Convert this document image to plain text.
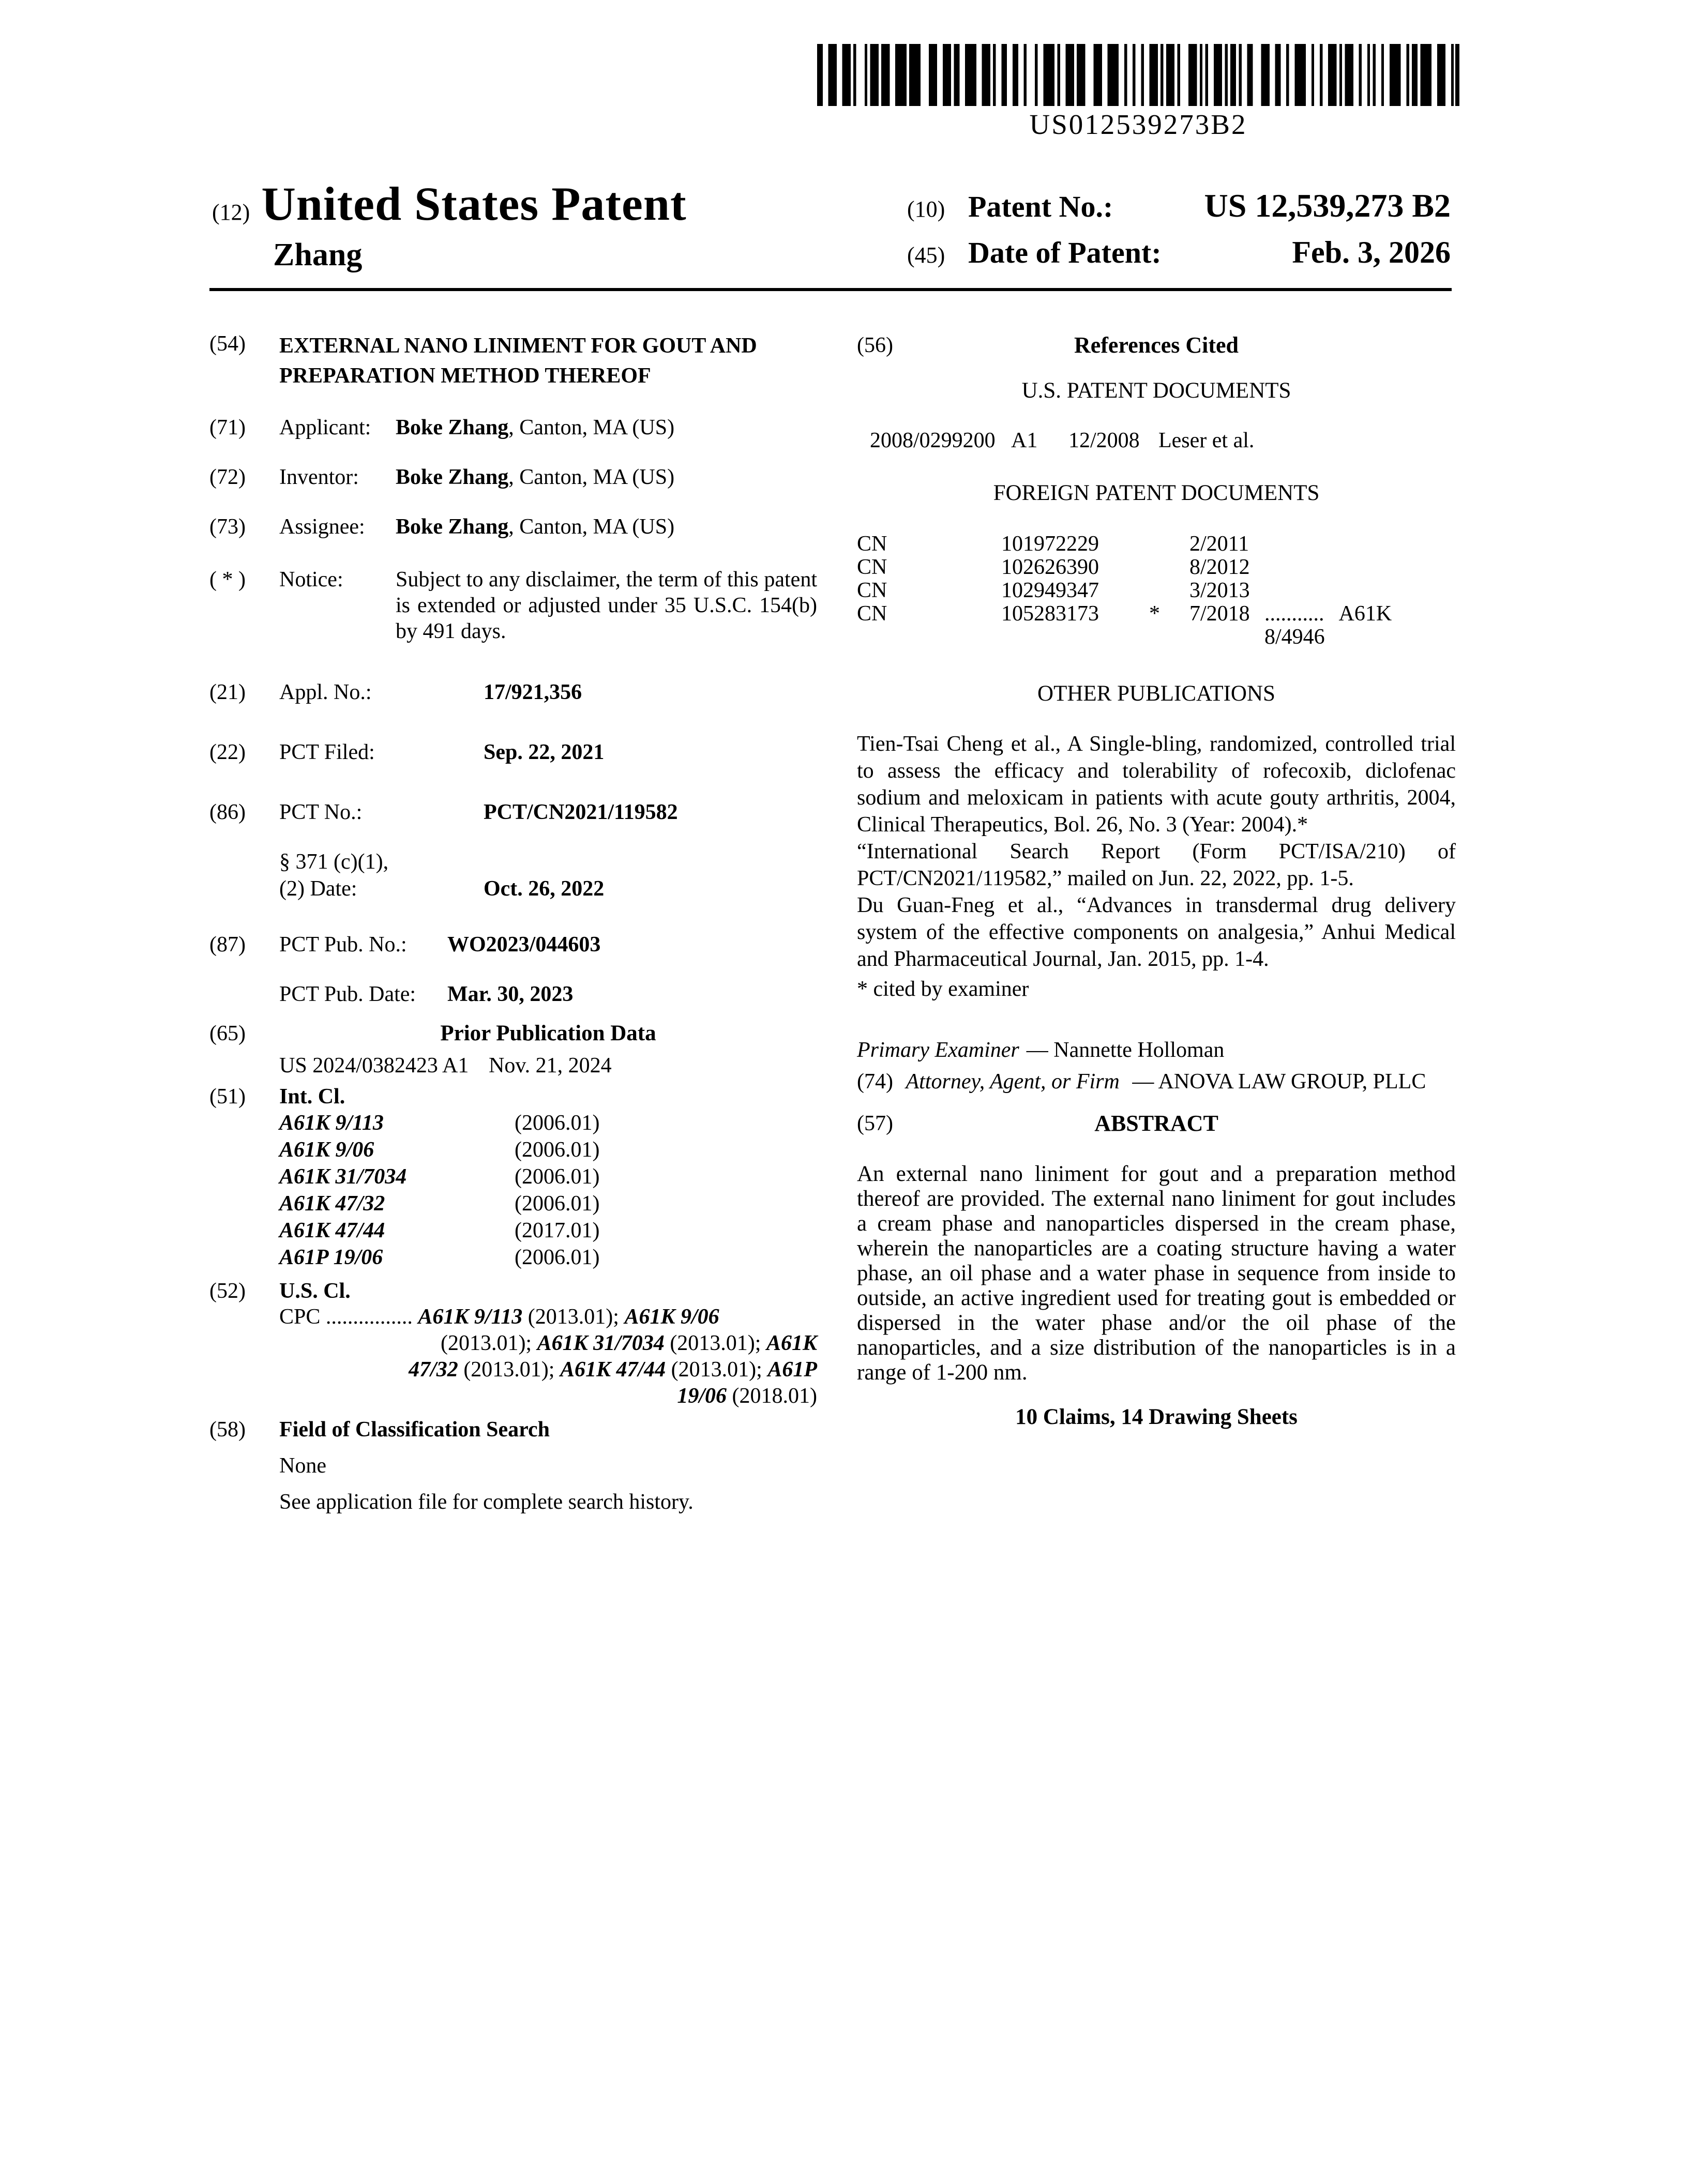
US012539273B2
(12) United States Patent
Zhang
(10) Patent No.:	US 12,539,273 B2
(45) Date of Patent:	Feb. 3, 2026
(54)	EXTERNAL NANO LINIMENT FOR GOUT AND PREPARATION METHOD THEREOF
(71)	Applicant:	Boke Zhang, Canton, MA (US)
(72)	Inventor:	Boke Zhang, Canton, MA (US)
(73)	Assignee:	Boke Zhang, Canton, MA (US)
( * )	Notice:	Subject to any disclaimer, the term of this patent is extended or adjusted under 35 U.S.C. 154(b) by 491 days.
(21)	Appl. No.:	17/921,356
(22)	PCT Filed:	Sep. 22, 2021
(86)	PCT No.:	PCT/CN2021/119582
§ 371 (c)(1),
(2) Date:	Oct. 26, 2022
(87)	PCT Pub. No.:	WO2023/044603
PCT Pub. Date:	Mar. 30, 2023
(65)	Prior Publication Data
US 2024/0382423 A1 Nov. 21, 2024
(51)	Int. Cl.
A61K 9/113	(2006.01)
A61K 9/06	(2006.01)
A61K 31/7034	(2006.01)
A61K 47/32	(2006.01)
A61K 47/44	(2017.01)
A61P 19/06	(2006.01)
(52)	U.S. Cl.
CPC ................ A61K 9/113 (2013.01); A61K 9/06
(2013.01); A61K 31/7034 (2013.01); A61K
47/32 (2013.01); A61K 47/44 (2013.01); A61P
19/06 (2018.01)
(58)	Field of Classification Search
None
See application file for complete search history.
(56)	References Cited
U.S. PATENT DOCUMENTS
2008/0299200 A1	12/2008 Leser et al.
FOREIGN PATENT DOCUMENTS
CN	101972229	2/2011
CN	102626390	8/2012
CN	102949347	3/2013
CN	105283173	*	7/2018 ........... A61K 8/4946
OTHER PUBLICATIONS

Tien-Tsai Cheng et al., A Single-bling, randomized, controlled trial to assess the efficacy and tolerability of rofecoxib, diclofenac sodium and meloxicam in patients with acute gouty arthritis, 2004, Clinical Therapeutics, Bol. 26, No. 3 (Year: 2004).*

“International Search Report (Form PCT/ISA/210) of PCT/CN2021/119582,” mailed on Jun. 22, 2022, pp. 1-5.

Du Guan-Fneg et al., “Advances in transdermal drug delivery system of the effective components on analgesia,” Anhui Medical and Pharmaceutical Journal, Jan. 2015, pp. 1-4.

* cited by examiner
Primary Examiner — Nannette Holloman
(74) Attorney, Agent, or Firm — ANOVA LAW GROUP, PLLC
(57)	ABSTRACT
An external nano liniment for gout and a preparation method thereof are provided. The external nano liniment for gout includes a cream phase and nanoparticles dispersed in the cream phase, wherein the nanoparticles are a coating structure having a water phase, an oil phase and a water phase in sequence from inside to outside, an active ingredient used for treating gout is embedded or dispersed in the water phase and/or the oil phase of the nanoparticles, and a size distribution of the nanoparticles is in a range of 1-200 nm.
10 Claims, 14 Drawing Sheets
